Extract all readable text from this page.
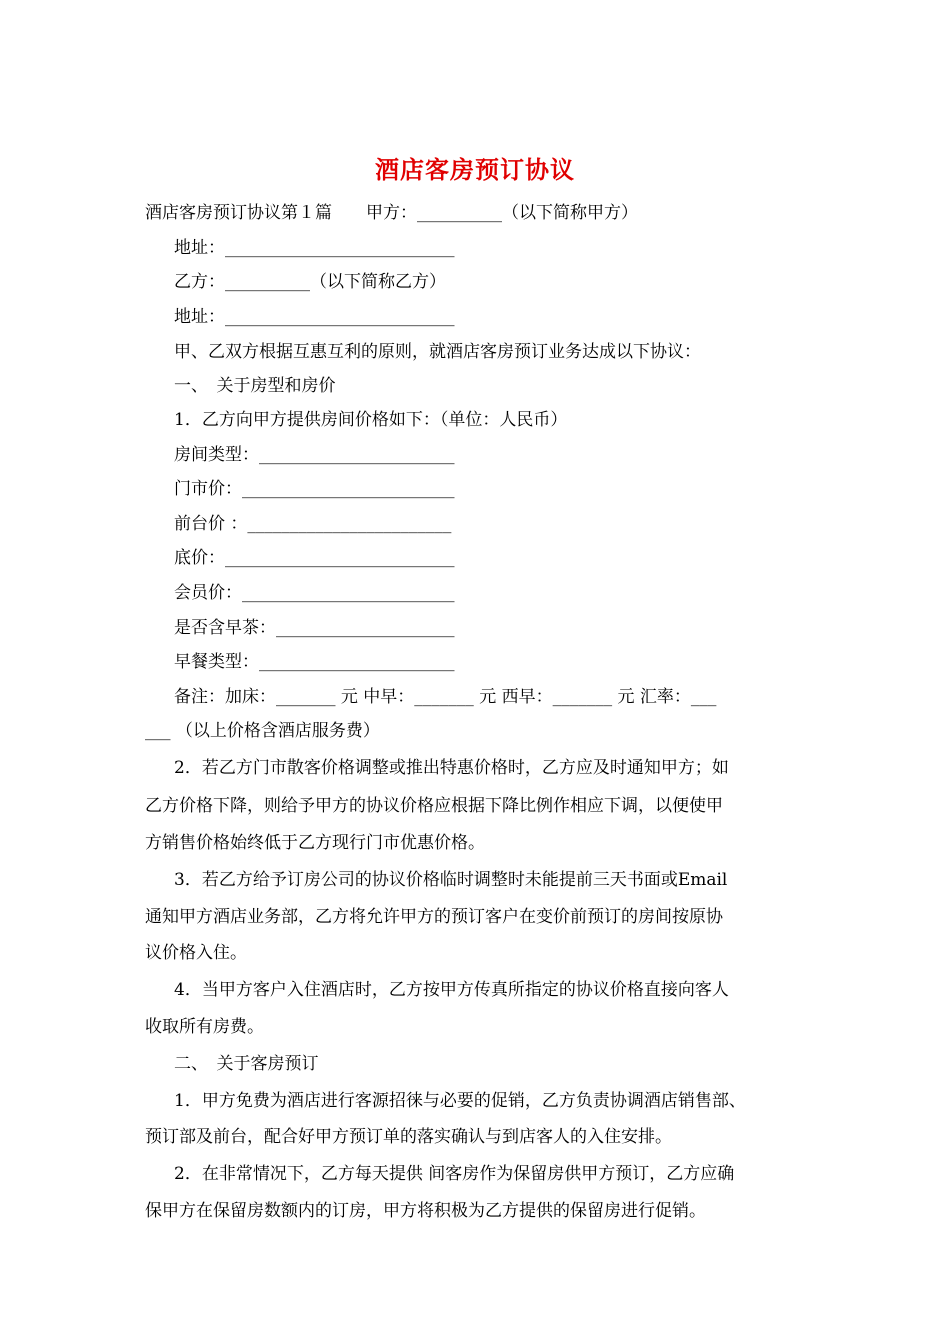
酒店客房预订协议
酒店客房预订协议第１篇　　甲方：__________（以下简称甲方）
地址：___________________________
乙方：__________（以下简称乙方）
地址：___________________________
甲、乙双方根据互惠互利的原则，就酒店客房预订业务达成以下协议：
一、　关于房型和房价
1．乙方向甲方提供房间价格如下：（单位：人民币）
房间类型：_______________________
门市价：_________________________
前台价 ：________________________
底价：___________________________
会员价：_________________________
是否含早茶：_____________________
早餐类型：_______________________
备注：加床：_______ 元 中早：_______ 元 西早：_______ 元 汇率：___
___ （以上价格含酒店服务费）
2．若乙方门市散客价格调整或推出特惠价格时，乙方应及时通知甲方；如
乙方价格下降，则给予甲方的协议价格应根据下降比例作相应下调，以便使甲
方销售价格始终低于乙方现行门市优惠价格。
3．若乙方给予订房公司的协议价格临时调整时未能提前三天书面或Email
通知甲方酒店业务部，乙方将允许甲方的预订客户在变价前预订的房间按原协
议价格入住。
4．当甲方客户入住酒店时，乙方按甲方传真所指定的协议价格直接向客人
收取所有房费。
二、　关于客房预订
1．甲方免费为酒店进行客源招徕与必要的促销，乙方负责协调酒店销售部、
预订部及前台，配合好甲方预订单的落实确认与到店客人的入住安排。
2．在非常情况下，乙方每天提供 间客房作为保留房供甲方预订，乙方应确
保甲方在保留房数额内的订房，甲方将积极为乙方提供的保留房进行促销。
